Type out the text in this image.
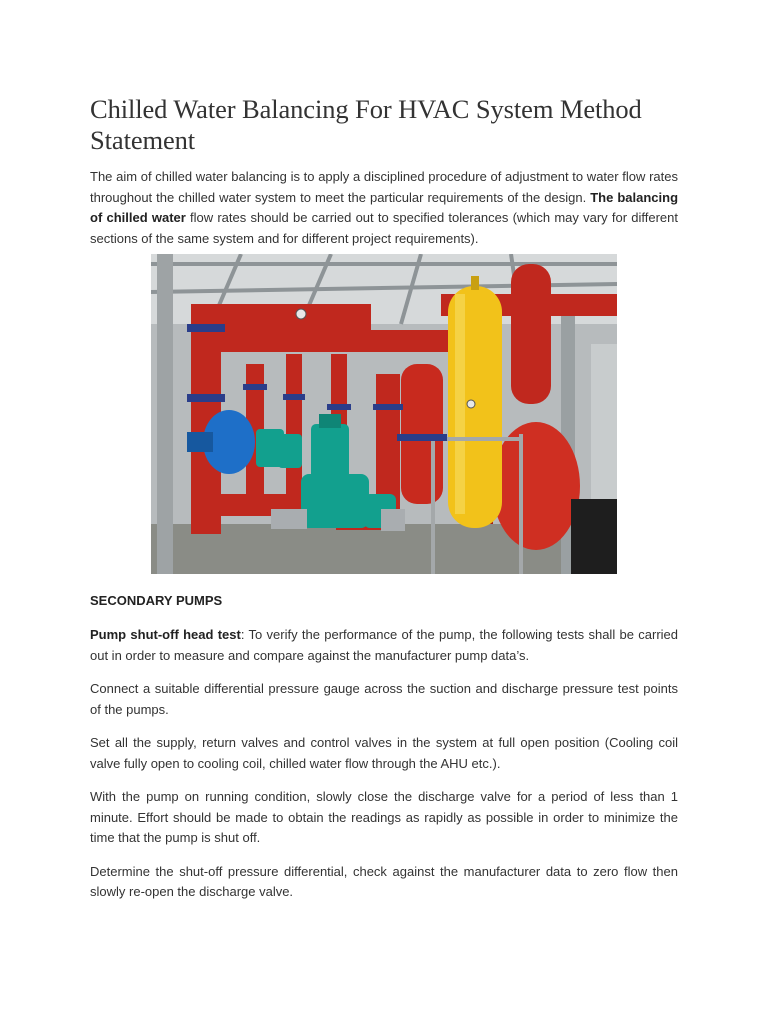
Chilled Water Balancing For HVAC System Method Statement

The aim of chilled water balancing is to apply a disciplined procedure of adjustment to water flow rates throughout the chilled water system to meet the particular requirements of the design. The balancing of chilled water flow rates should be carried out to specified tolerances (which may vary for different sections of the same system and for different project requirements).

SECONDARY PUMPS

Pump shut-off head test: To verify the performance of the pump, the following tests shall be carried out in order to measure and compare against the manufacturer pump data’s.

Connect a suitable differential pressure gauge across the suction and discharge pressure test points of the pumps.

Set all the supply, return valves and control valves in the system at full open position (Cooling coil valve fully open to cooling coil, chilled water flow through the AHU etc.).

With the pump on running condition, slowly close the discharge valve for a period of less than 1 minute. Effort should be made to obtain the readings as rapidly as possible in order to minimize the time that the pump is shut off.

Determine the shut-off pressure differential, check against the manufacturer data to zero flow then slowly re-open the discharge valve.
